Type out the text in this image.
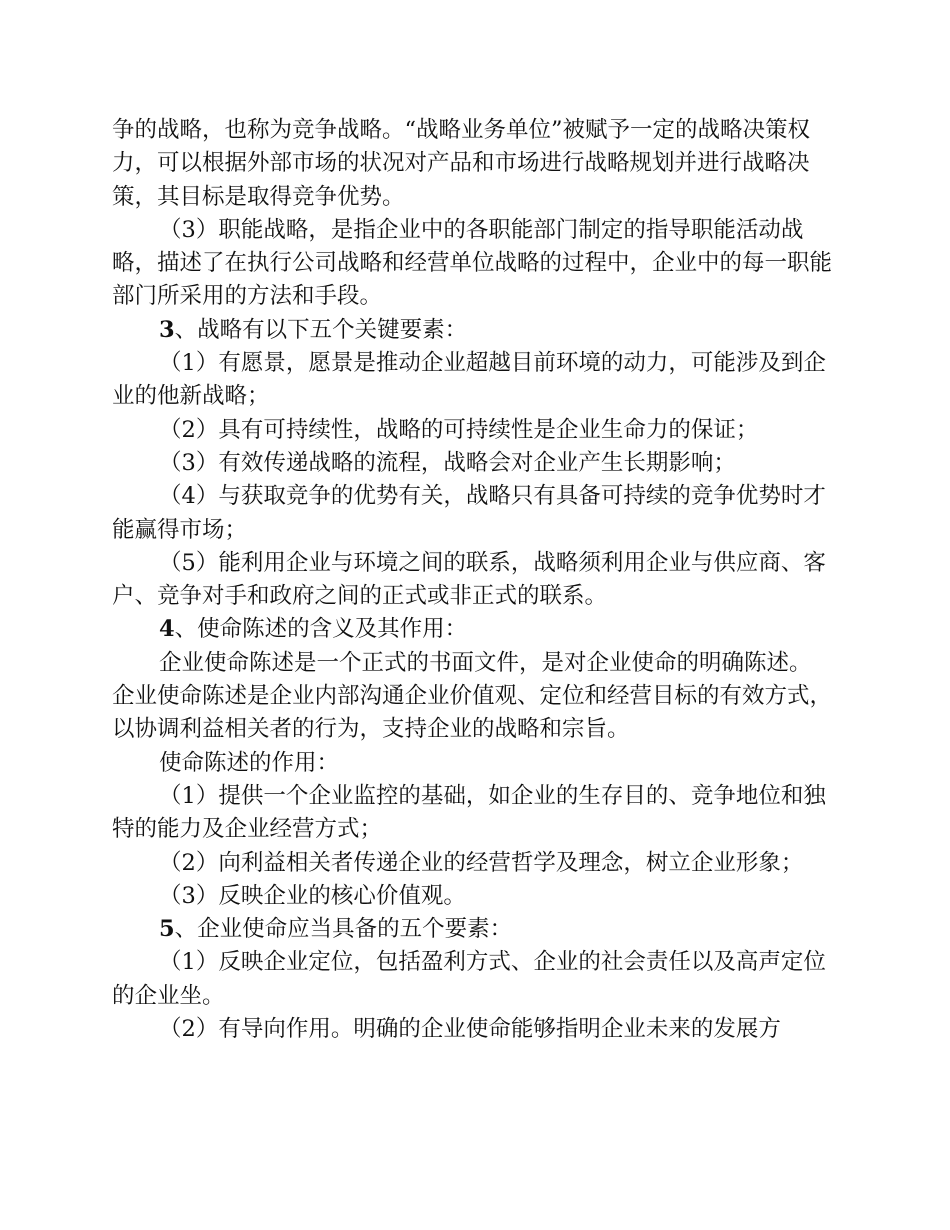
争的战略，也称为竞争战略。“战略业务单位”被赋予一定的战略决策权力，可以根据外部市场的状况对产品和市场进行战略规划并进行战略决策，其目标是取得竞争优势。

（3）职能战略，是指企业中的各职能部门制定的指导职能活动战略，描述了在执行公司战略和经营单位战略的过程中，企业中的每一职能部门所采用的方法和手段。

3、战略有以下五个关键要素：

（1）有愿景，愿景是推动企业超越目前环境的动力，可能涉及到企业的他新战略；

（2）具有可持续性，战略的可持续性是企业生命力的保证；

（3）有效传递战略的流程，战略会对企业产生长期影响；

（4）与获取竞争的优势有关，战略只有具备可持续的竞争优势时才能赢得市场；

（5）能利用企业与环境之间的联系，战略须利用企业与供应商、客户、竞争对手和政府之间的正式或非正式的联系。

4、使命陈述的含义及其作用：

企业使命陈述是一个正式的书面文件，是对企业使命的明确陈述。企业使命陈述是企业内部沟通企业价值观、定位和经营目标的有效方式，以协调利益相关者的行为，支持企业的战略和宗旨。

使命陈述的作用：

（1）提供一个企业监控的基础，如企业的生存目的、竞争地位和独特的能力及企业经营方式；

（2）向利益相关者传递企业的经营哲学及理念，树立企业形象；

（3）反映企业的核心价值观。

5、企业使命应当具备的五个要素：

（1）反映企业定位，包括盈利方式、企业的社会责任以及高声定位的企业坐。

（2）有导向作用。明确的企业使命能够指明企业未来的发展方
